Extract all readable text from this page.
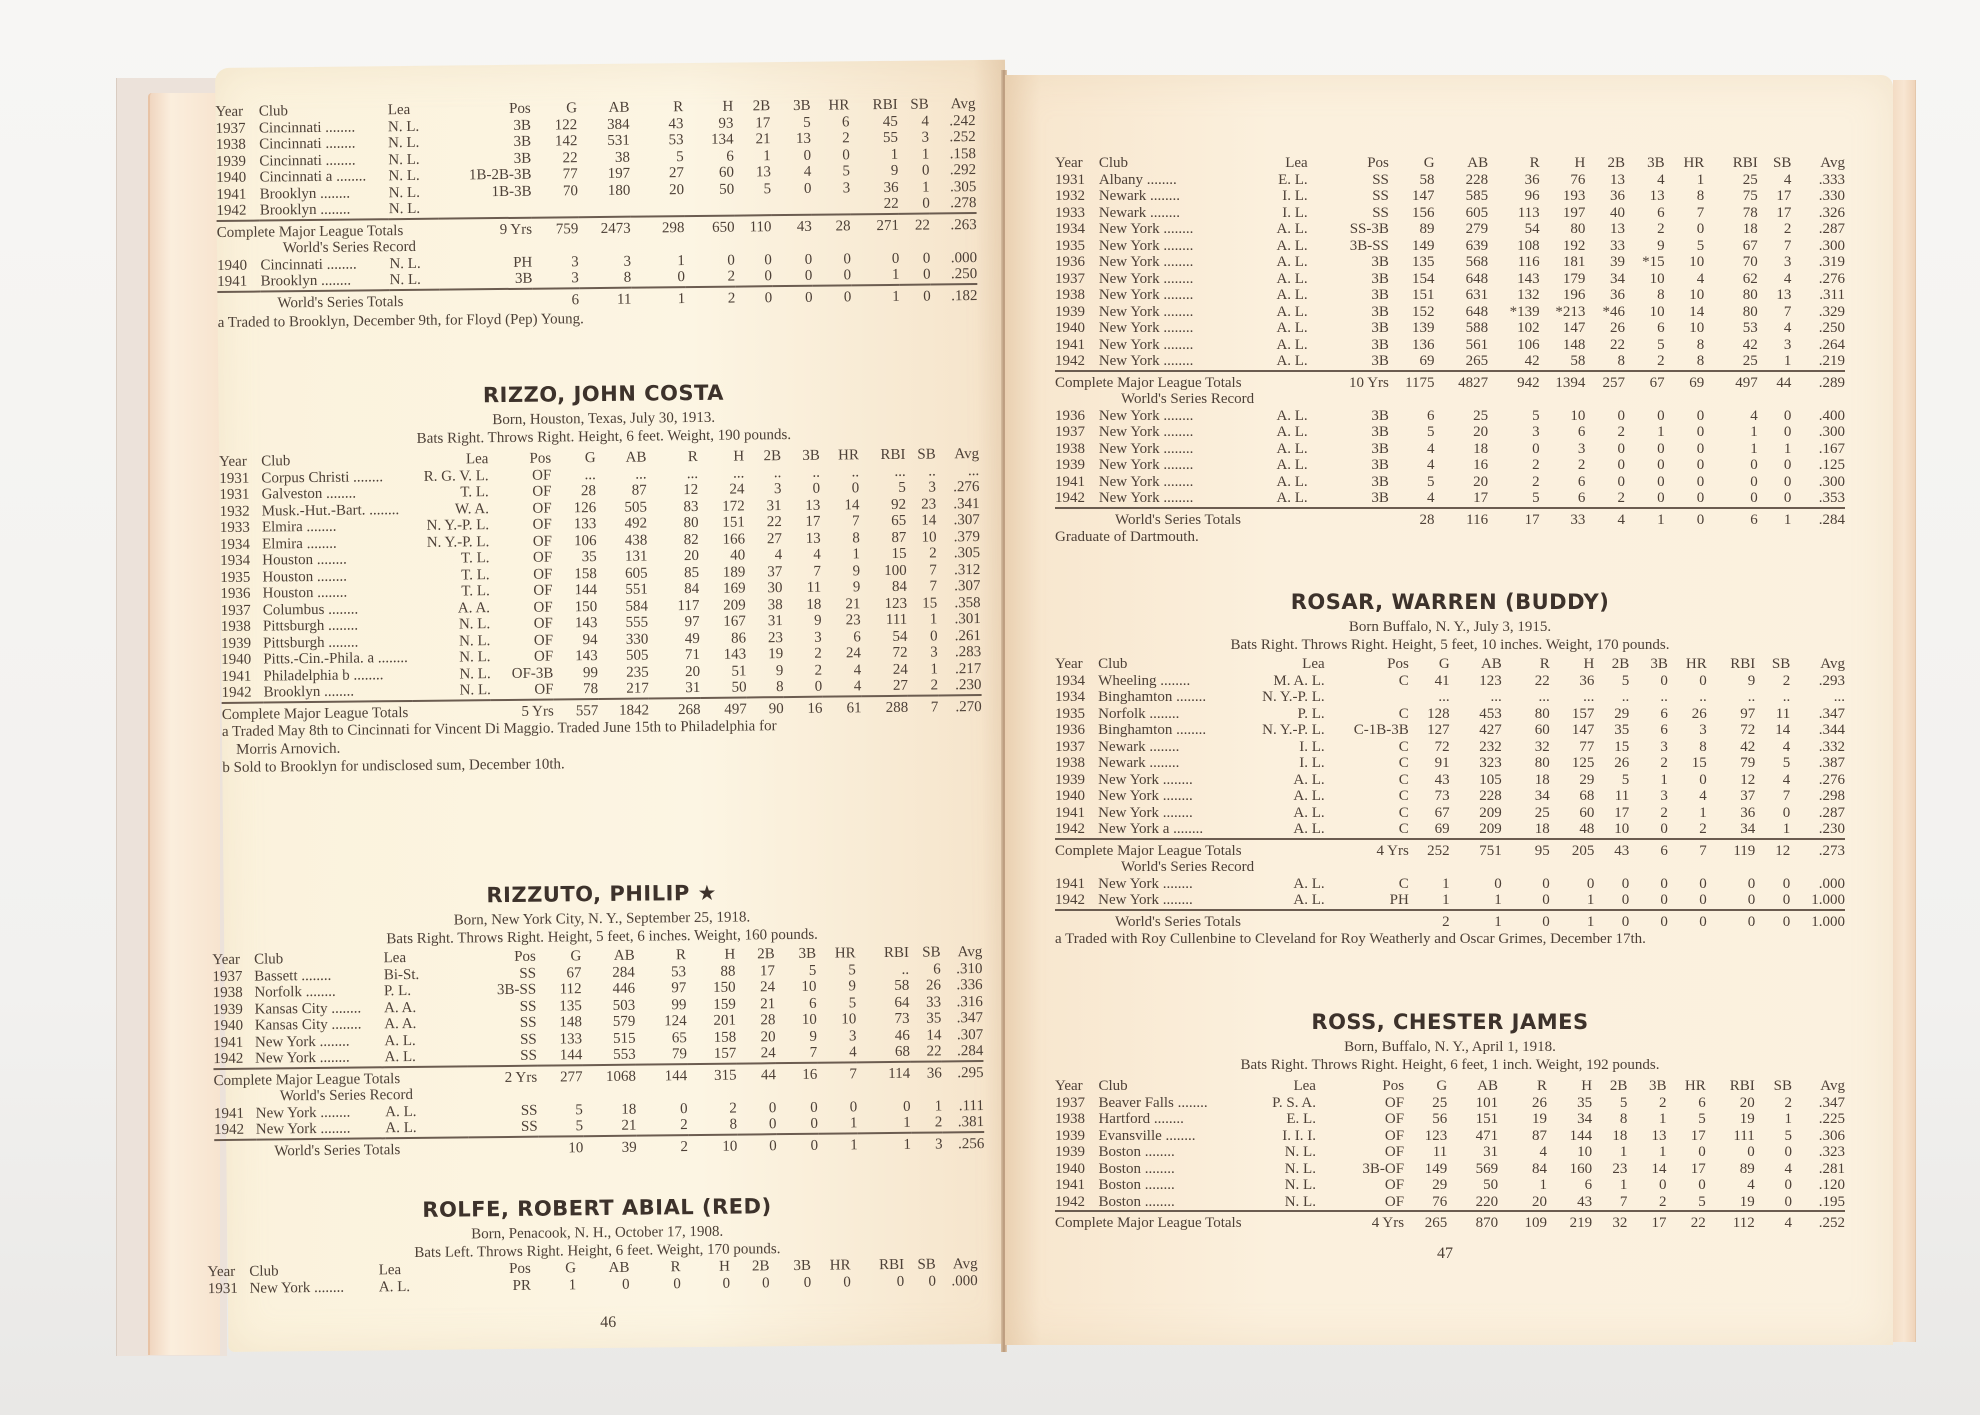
Year	Club	Lea	Pos	G	AB	R	H	2B	3B	HR	RBI	SB	Avg
1937	Cincinnati ........	N. L.	3B	122	384	43	93	17	5	6	45	4	.242
1938	Cincinnati ........	N. L.	3B	142	531	53	134	21	13	2	55	3	.252
1939	Cincinnati ........	N. L.	3B	22	38	5	6	1	0	0	1	1	.158
1940	Cincinnati a ........	N. L.	1B-2B-3B	77	197	27	60	13	4	5	9	0	.292
1941	Brooklyn ........	N. L.	1B-3B	70	180	20	50	5	0	3	36	1	.305
1942	Brooklyn ........	N. L.									22	0	.278
Complete Major League Totals			9 Yrs	759	2473	298	650	110	43	28	271	22	.263
World's Series Record													
1940	Cincinnati ........	N. L.	PH	3	3	1	0	0	0	0	0	0	.000
1941	Brooklyn ........	N. L.	3B	3	8	0	2	0	0	0	1	0	.250
World's Series Totals				6	11	1	2	0	0	0	1	0	.182
a Traded to Brooklyn, December 9th, for Floyd (Pep) Young.
RIZZO, JOHN COSTA
Born, Houston, Texas, July 30, 1913.
Bats Right. Throws Right. Height, 6 feet. Weight, 190 pounds.
Year	Club	Lea	Pos	G	AB	R	H	2B	3B	HR	RBI	SB	Avg
1931	Corpus Christi ........	R. G. V. L.	OF	...	...	...	...	..	..	..	...	..	...
1931	Galveston ........	T. L.	OF	28	87	12	24	3	0	0	5	3	.276
1932	Musk.-Hut.-Bart. ........	W. A.	OF	126	505	83	172	31	13	14	92	23	.341
1933	Elmira ........	N. Y.-P. L.	OF	133	492	80	151	22	17	7	65	14	.307
1934	Elmira ........	N. Y.-P. L.	OF	106	438	82	166	27	13	8	87	10	.379
1934	Houston ........	T. L.	OF	35	131	20	40	4	4	1	15	2	.305
1935	Houston ........	T. L.	OF	158	605	85	189	37	7	9	100	7	.312
1936	Houston ........	T. L.	OF	144	551	84	169	30	11	9	84	7	.307
1937	Columbus ........	A. A.	OF	150	584	117	209	38	18	21	123	15	.358
1938	Pittsburgh ........	N. L.	OF	143	555	97	167	31	9	23	111	1	.301
1939	Pittsburgh ........	N. L.	OF	94	330	49	86	23	3	6	54	0	.261
1940	Pitts.-Cin.-Phila. a ........	N. L.	OF	143	505	71	143	19	2	24	72	3	.283
1941	Philadelphia b ........	N. L.	OF-3B	99	235	20	51	9	2	4	24	1	.217
1942	Brooklyn ........	N. L.	OF	78	217	31	50	8	0	4	27	2	.230
Complete Major League Totals			5 Yrs	557	1842	268	497	90	16	61	288	7	.270
a Traded May 8th to Cincinnati for Vincent Di Maggio. Traded June 15th to Philadelphia for
Morris Arnovich.
b Sold to Brooklyn for undisclosed sum, December 10th.
RIZZUTO, PHILIP ★
Born, New York City, N. Y., September 25, 1918.
Bats Right. Throws Right. Height, 5 feet, 6 inches. Weight, 160 pounds.
Year	Club	Lea	Pos	G	AB	R	H	2B	3B	HR	RBI	SB	Avg
1937	Bassett ........	Bi-St.	SS	67	284	53	88	17	5	5	..	6	.310
1938	Norfolk ........	P. L.	3B-SS	112	446	97	150	24	10	9	58	26	.336
1939	Kansas City ........	A. A.	SS	135	503	99	159	21	6	5	64	33	.316
1940	Kansas City ........	A. A.	SS	148	579	124	201	28	10	10	73	35	.347
1941	New York ........	A. L.	SS	133	515	65	158	20	9	3	46	14	.307
1942	New York ........	A. L.	SS	144	553	79	157	24	7	4	68	22	.284
Complete Major League Totals			2 Yrs	277	1068	144	315	44	16	7	114	36	.295
World's Series Record													
1941	New York ........	A. L.	SS	5	18	0	2	0	0	0	0	1	.111
1942	New York ........	A. L.	SS	5	21	2	8	0	0	1	1	2	.381
World's Series Totals				10	39	2	10	0	0	1	1	3	.256
ROLFE, ROBERT ABIAL (RED)
Born, Penacook, N. H., October 17, 1908.
Bats Left. Throws Right. Height, 6 feet. Weight, 170 pounds.
Year	Club	Lea	Pos	G	AB	R	H	2B	3B	HR	RBI	SB	Avg
1931	New York ........	A. L.	PR	1	0	0	0	0	0	0	0	0	.000
46
Year	Club	Lea	Pos	G	AB	R	H	2B	3B	HR	RBI	SB	Avg
1931	Albany ........	E. L.	SS	58	228	36	76	13	4	1	25	4	.333
1932	Newark ........	I. L.	SS	147	585	96	193	36	13	8	75	17	.330
1933	Newark ........	I. L.	SS	156	605	113	197	40	6	7	78	17	.326
1934	New York ........	A. L.	SS-3B	89	279	54	80	13	2	0	18	2	.287
1935	New York ........	A. L.	3B-SS	149	639	108	192	33	9	5	67	7	.300
1936	New York ........	A. L.	3B	135	568	116	181	39	*15	10	70	3	.319
1937	New York ........	A. L.	3B	154	648	143	179	34	10	4	62	4	.276
1938	New York ........	A. L.	3B	151	631	132	196	36	8	10	80	13	.311
1939	New York ........	A. L.	3B	152	648	*139	*213	*46	10	14	80	7	.329
1940	New York ........	A. L.	3B	139	588	102	147	26	6	10	53	4	.250
1941	New York ........	A. L.	3B	136	561	106	148	22	5	8	42	3	.264
1942	New York ........	A. L.	3B	69	265	42	58	8	2	8	25	1	.219
Complete Major League Totals			10 Yrs	1175	4827	942	1394	257	67	69	497	44	.289
World's Series Record													
1936	New York ........	A. L.	3B	6	25	5	10	0	0	0	4	0	.400
1937	New York ........	A. L.	3B	5	20	3	6	2	1	0	1	0	.300
1938	New York ........	A. L.	3B	4	18	0	3	0	0	0	1	1	.167
1939	New York ........	A. L.	3B	4	16	2	2	0	0	0	0	0	.125
1941	New York ........	A. L.	3B	5	20	2	6	0	0	0	0	0	.300
1942	New York ........	A. L.	3B	4	17	5	6	2	0	0	0	0	.353
World's Series Totals				28	116	17	33	4	1	0	6	1	.284
Graduate of Dartmouth.
ROSAR, WARREN (BUDDY)
Born Buffalo, N. Y., July 3, 1915.
Bats Right. Throws Right. Height, 5 feet, 10 inches. Weight, 170 pounds.
Year	Club	Lea	Pos	G	AB	R	H	2B	3B	HR	RBI	SB	Avg
1934	Wheeling ........	M. A. L.	C	41	123	22	36	5	0	0	9	2	.293
1934	Binghamton ........	N. Y.-P. L.		...	...	...	...	..	..	..	..	..	...
1935	Norfolk ........	P. L.	C	128	453	80	157	29	6	26	97	11	.347
1936	Binghamton ........	N. Y.-P. L.	C-1B-3B	127	427	60	147	35	6	3	72	14	.344
1937	Newark ........	I. L.	C	72	232	32	77	15	3	8	42	4	.332
1938	Newark ........	I. L.	C	91	323	80	125	26	2	15	79	5	.387
1939	New York ........	A. L.	C	43	105	18	29	5	1	0	12	4	.276
1940	New York ........	A. L.	C	73	228	34	68	11	3	4	37	7	.298
1941	New York ........	A. L.	C	67	209	25	60	17	2	1	36	0	.287
1942	New York a ........	A. L.	C	69	209	18	48	10	0	2	34	1	.230
Complete Major League Totals			4 Yrs	252	751	95	205	43	6	7	119	12	.273
World's Series Record													
1941	New York ........	A. L.	C	1	0	0	0	0	0	0	0	0	.000
1942	New York ........	A. L.	PH	1	1	0	1	0	0	0	0	0	1.000
World's Series Totals				2	1	0	1	0	0	0	0	0	1.000
a Traded with Roy Cullenbine to Cleveland for Roy Weatherly and Oscar Grimes, December 17th.
ROSS, CHESTER JAMES
Born, Buffalo, N. Y., April 1, 1918.
Bats Right. Throws Right. Height, 6 feet, 1 inch. Weight, 192 pounds.
Year	Club	Lea	Pos	G	AB	R	H	2B	3B	HR	RBI	SB	Avg
1937	Beaver Falls ........	P. S. A.	OF	25	101	26	35	5	2	6	20	2	.347
1938	Hartford ........	E. L.	OF	56	151	19	34	8	1	5	19	1	.225
1939	Evansville ........	I. I. I.	OF	123	471	87	144	18	13	17	111	5	.306
1939	Boston ........	N. L.	OF	11	31	4	10	1	1	0	0	0	.323
1940	Boston ........	N. L.	3B-OF	149	569	84	160	23	14	17	89	4	.281
1941	Boston ........	N. L.	OF	29	50	1	6	1	0	0	4	0	.120
1942	Boston ........	N. L.	OF	76	220	20	43	7	2	5	19	0	.195
Complete Major League Totals			4 Yrs	265	870	109	219	32	17	22	112	4	.252
47
